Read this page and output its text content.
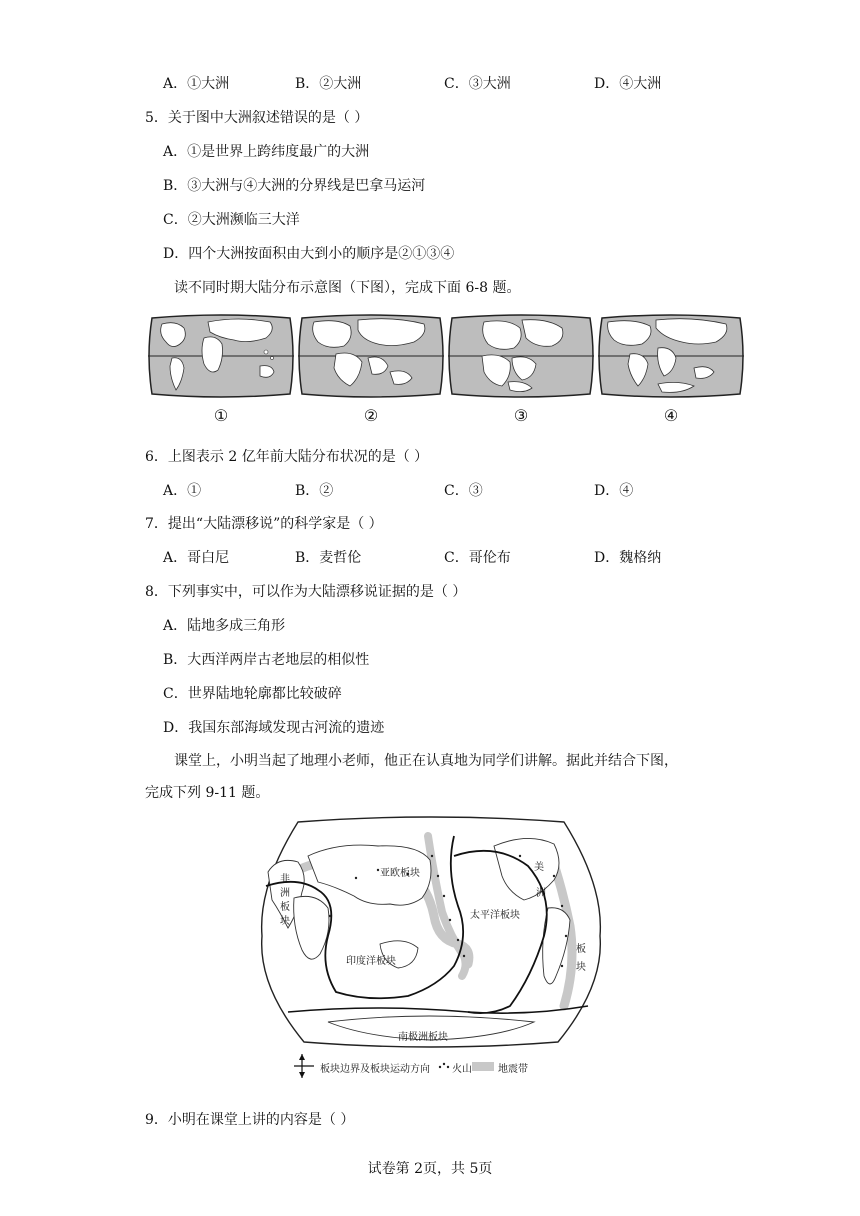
A．①大洲	B．②大洲	C．③大洲	D．④大洲
5．关于图中大洲叙述错误的是（ ）
A．①是世界上跨纬度最广的大洲
B．③大洲与④大洲的分界线是巴拿马运河
C．②大洲濒临三大洋
D．四个大洲按面积由大到小的顺序是②①③④
读不同时期大陆分布示意图（下图），完成下面 6-8 题。
①	②	③	④
6．上图表示 2 亿年前大陆分布状况的是（ ）
A．①	B．②	C．③	D．④
7．提出“大陆漂移说”的科学家是（ ）
A．哥白尼	B．麦哲伦	C．哥伦布	D．魏格纳
8．下列事实中，可以作为大陆漂移说证据的是（ ）
A．陆地多成三角形
B．大西洋两岸古老地层的相似性
C．世界陆地轮廓都比较破碎
D．我国东部海域发现古河流的遗迹
课堂上，小明当起了地理小老师，他正在认真地为同学们讲解。据此并结合下图，
完成下列 9-11 题。
亚欧板块
非
洲
板
块
太平洋板块
印度洋板块
美
洲
板
块
南极洲板块
板块边界及板块运动方向 火山	地震带
9．小明在课堂上讲的内容是（ ）
试卷第 2页，共 5页
